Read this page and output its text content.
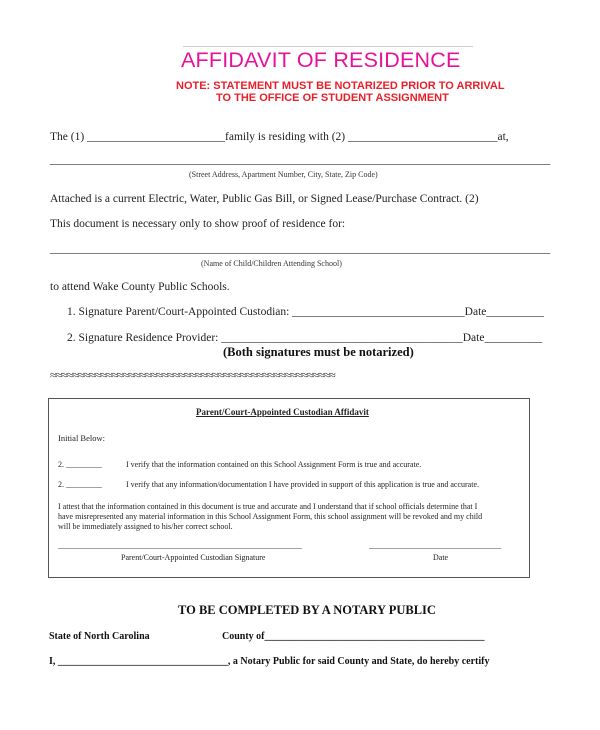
AFFIDAVIT OF RESIDENCE
NOTE: STATEMENT MUST BE NOTARIZED PRIOR TO ARRIVAL
TO THE OFFICE OF STUDENT ASSIGNMENT
The (1) ________________________family is residing with (2) __________________________at,
_______________________________________________________________________________________
(Street Address, Apartment Number, City, State, Zip Code)
Attached is a current Electric, Water, Public Gas Bill, or Signed Lease/Purchase Contract. (2)
This document is necessary only to show proof of residence for:
_______________________________________________________________________________________
(Name of Child/Children Attending School)
to attend Wake County Public Schools.
1. Signature Parent/Court-Appointed Custodian: ______________________________Date__________
2. Signature Residence Provider: __________________________________________Date__________
(Both signatures must be notarized)
≈≈≈≈≈≈≈≈≈≈≈≈≈≈≈≈≈≈≈≈≈≈≈≈≈≈≈≈≈≈≈≈≈≈≈≈≈≈≈≈≈≈≈≈≈≈≈≈≈≈≈
Parent/Court-Appointed Custodian Affidavit
Initial Below:
2. _________	I verify that the information contained on this School Assignment Form is true and accurate.
2. _________	I verify that any information/documentation I have provided in support of this application is true and accurate.
I attest that the information contained in this document is true and accurate and I understand that if school officials determine that I
have misrepresented any material information in this School Assignment Form, this school assignment will be revoked and my child
will be immediately assigned to his/her correct school.
_____________________________________________________________
Parent/Court-Appointed Custodian Signature
_________________________________
Date
TO BE COMPLETED BY A NOTARY PUBLIC
State of North Carolina	County of____________________________________________
I, __________________________________, a Notary Public for said County and State, do hereby certify
